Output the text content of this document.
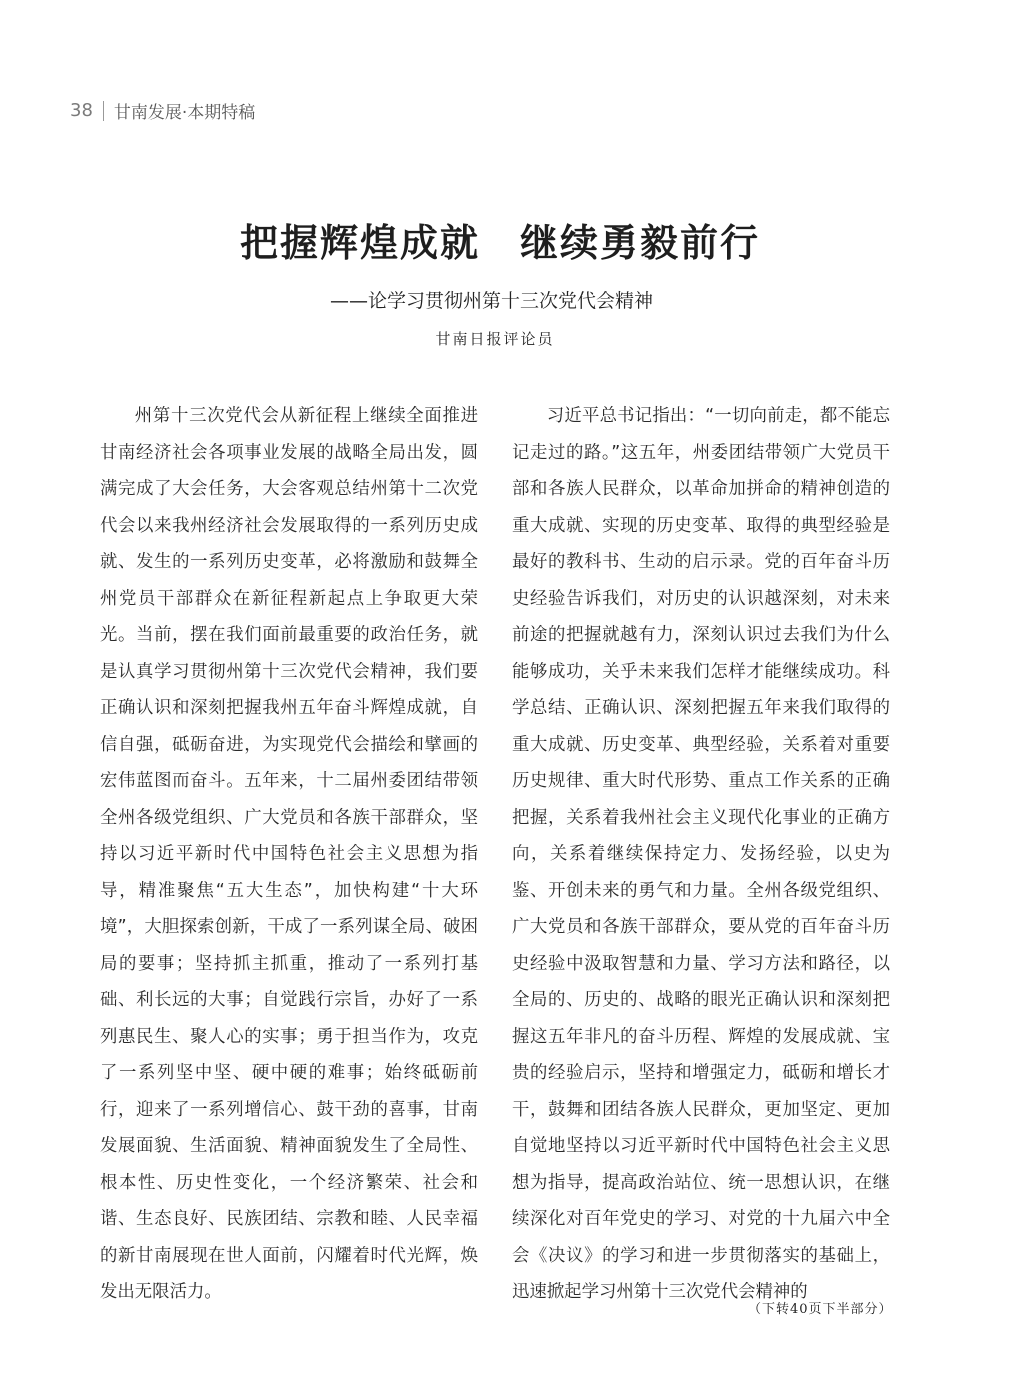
38 甘南发展·本期特稿
把握辉煌成就　继续勇毅前行
——论学习贯彻州第十三次党代会精神
甘南日报评论员
州第十三次党代会从新征程上继续全面推进甘南经济社会各项事业发展的战略全局出发，圆满完成了大会任务，大会客观总结州第十二次党代会以来我州经济社会发展取得的一系列历史成就、发生的一系列历史变革，必将激励和鼓舞全州党员干部群众在新征程新起点上争取更大荣光。当前，摆在我们面前最重要的政治任务，就是认真学习贯彻州第十三次党代会精神，我们要正确认识和深刻把握我州五年奋斗辉煌成就，自信自强，砥砺奋进，为实现党代会描绘和擘画的宏伟蓝图而奋斗。五年来，十二届州委团结带领全州各级党组织、广大党员和各族干部群众，坚持以习近平新时代中国特色社会主义思想为指导，精准聚焦“五大生态”，加快构建“十大环境”，大胆探索创新，干成了一系列谋全局、破困局的要事；坚持抓主抓重，推动了一系列打基础、利长远的大事；自觉践行宗旨，办好了一系列惠民生、聚人心的实事；勇于担当作为，攻克了一系列坚中坚、硬中硬的难事；始终砥砺前行，迎来了一系列增信心、鼓干劲的喜事，甘南发展面貌、生活面貌、精神面貌发生了全局性、根本性、历史性变化，一个经济繁荣、社会和谐、生态良好、民族团结、宗教和睦、人民幸福的新甘南展现在世人面前，闪耀着时代光辉，焕发出无限活力。
习近平总书记指出：“一切向前走，都不能忘记走过的路。”这五年，州委团结带领广大党员干部和各族人民群众，以革命加拼命的精神创造的重大成就、实现的历史变革、取得的典型经验是最好的教科书、生动的启示录。党的百年奋斗历史经验告诉我们，对历史的认识越深刻，对未来前途的把握就越有力，深刻认识过去我们为什么能够成功，关乎未来我们怎样才能继续成功。科学总结、正确认识、深刻把握五年来我们取得的重大成就、历史变革、典型经验，关系着对重要历史规律、重大时代形势、重点工作关系的正确把握，关系着我州社会主义现代化事业的正确方向，关系着继续保持定力、发扬经验，以史为鉴、开创未来的勇气和力量。全州各级党组织、广大党员和各族干部群众，要从党的百年奋斗历史经验中汲取智慧和力量、学习方法和路径，以全局的、历史的、战略的眼光正确认识和深刻把握这五年非凡的奋斗历程、辉煌的发展成就、宝贵的经验启示，坚持和增强定力，砥砺和增长才干，鼓舞和团结各族人民群众，更加坚定、更加自觉地坚持以习近平新时代中国特色社会主义思想为指导，提高政治站位、统一思想认识，在继续深化对百年党史的学习、对党的十九届六中全会《决议》的学习和进一步贯彻落实的基础上，迅速掀起学习州第十三次党代会精神的
（下转40页下半部分）
